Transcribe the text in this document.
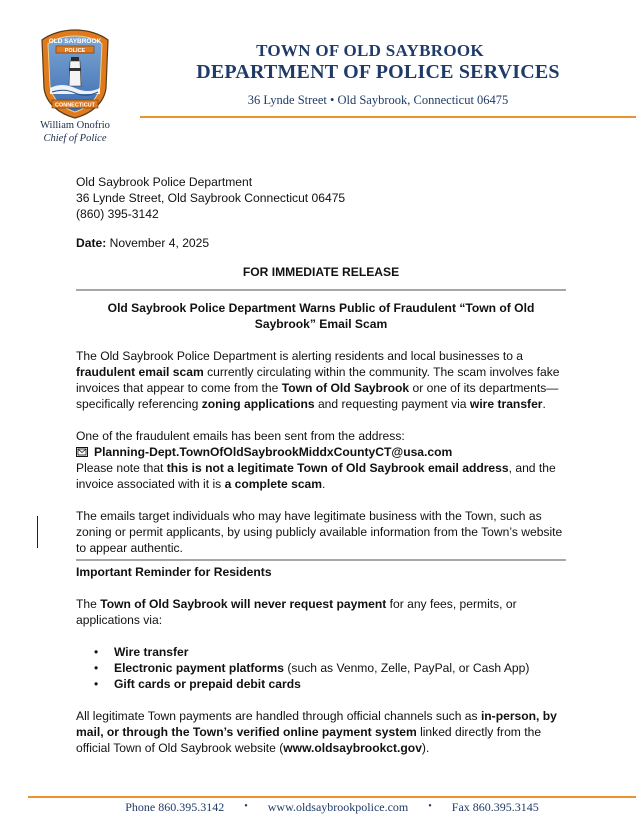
OLD SAYBROOK
POLICE
CONNECTICUT
William Onofrio
Chief of Police
TOWN OF OLD SAYBROOK
DEPARTMENT OF POLICE SERVICES
36 Lynde Street • Old Saybrook, Connecticut 06475
Old Saybrook Police Department
36 Lynde Street, Old Saybrook Connecticut 06475
(860) 395-3142

Date: November 4, 2025

FOR IMMEDIATE RELEASE

Old Saybrook Police Department Warns Public of Fraudulent “Town of Old Saybrook” Email Scam

The Old Saybrook Police Department is alerting residents and local businesses to a fraudulent email scam currently circulating within the community. The scam involves fake invoices that appear to come from the Town of Old Saybrook or one of its departments—specifically referencing zoning applications and requesting payment via wire transfer.

One of the fraudulent emails has been sent from the address:

Planning-Dept.TownOfOldSaybrookMiddxCountyCT@usa.com

Please note that this is not a legitimate Town of Old Saybrook email address, and the invoice associated with it is a complete scam.

The emails target individuals who may have legitimate business with the Town, such as zoning or permit applicants, by using publicly available information from the Town’s website to appear authentic.

Important Reminder for Residents

The Town of Old Saybrook will never request payment for any fees, permits, or applications via:

• Wire transfer
• Electronic payment platforms (such as Venmo, Zelle, PayPal, or Cash App)
• Gift cards or prepaid debit cards

All legitimate Town payments are handled through official channels such as in-person, by mail, or through the Town’s verified online payment system linked directly from the official Town of Old Saybrook website (www.oldsaybrookct.gov).

Phone 860.395.3142 • www.oldsaybrookpolice.com • Fax 860.395.3145
